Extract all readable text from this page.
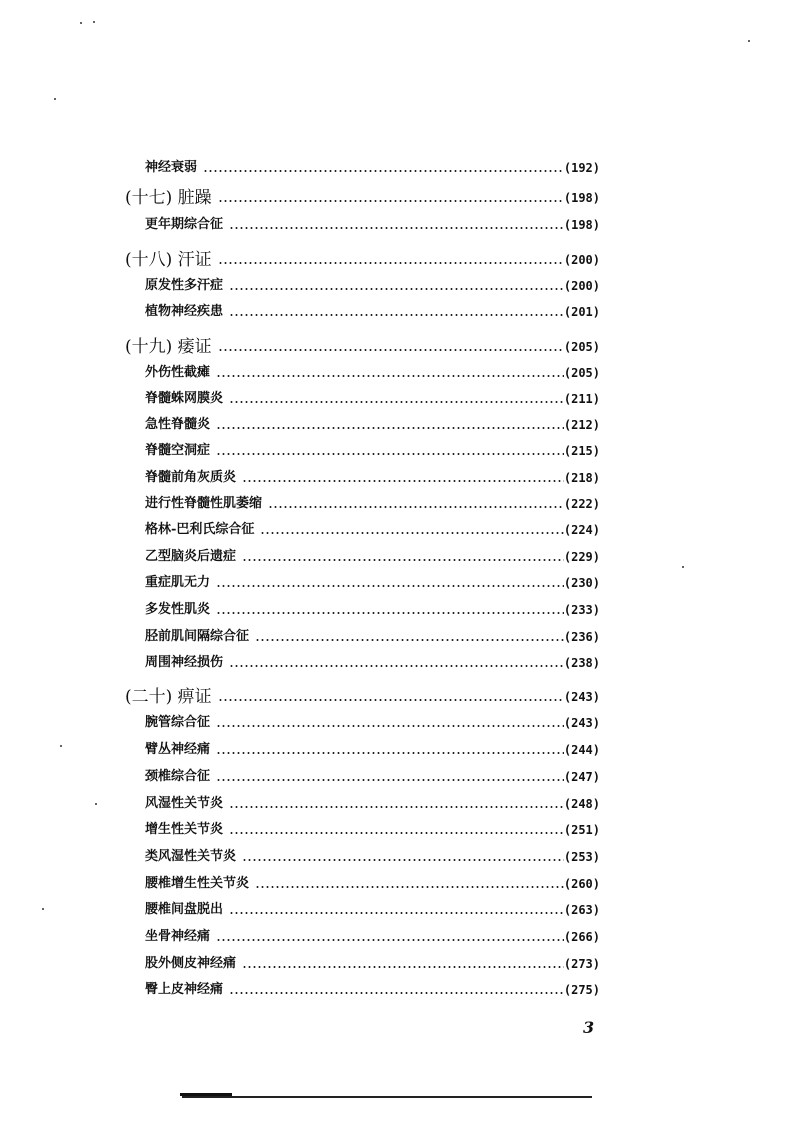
神经衰弱	(192)
(十七) 脏躁	(198)
更年期综合征	(198)
(十八) 汗证	(200)
原发性多汗症	(200)
植物神经疾患	(201)
(十九) 痿证	(205)
外伤性截瘫	(205)
脊髓蛛网膜炎	(211)
急性脊髓炎	(212)
脊髓空洞症	(215)
脊髓前角灰质炎	(218)
进行性脊髓性肌萎缩	(222)
格林-巴利氏综合征	(224)
乙型脑炎后遗症	(229)
重症肌无力	(230)
多发性肌炎	(233)
胫前肌间隔综合征	(236)
周围神经损伤	(238)
(二十) 痹证	(243)
腕管综合征	(243)
臂丛神经痛	(244)
颈椎综合征	(247)
风湿性关节炎	(248)
增生性关节炎	(251)
类风湿性关节炎	(253)
腰椎增生性关节炎	(260)
腰椎间盘脱出	(263)
坐骨神经痛	(266)
股外侧皮神经痛	(273)
臀上皮神经痛	(275)
3
